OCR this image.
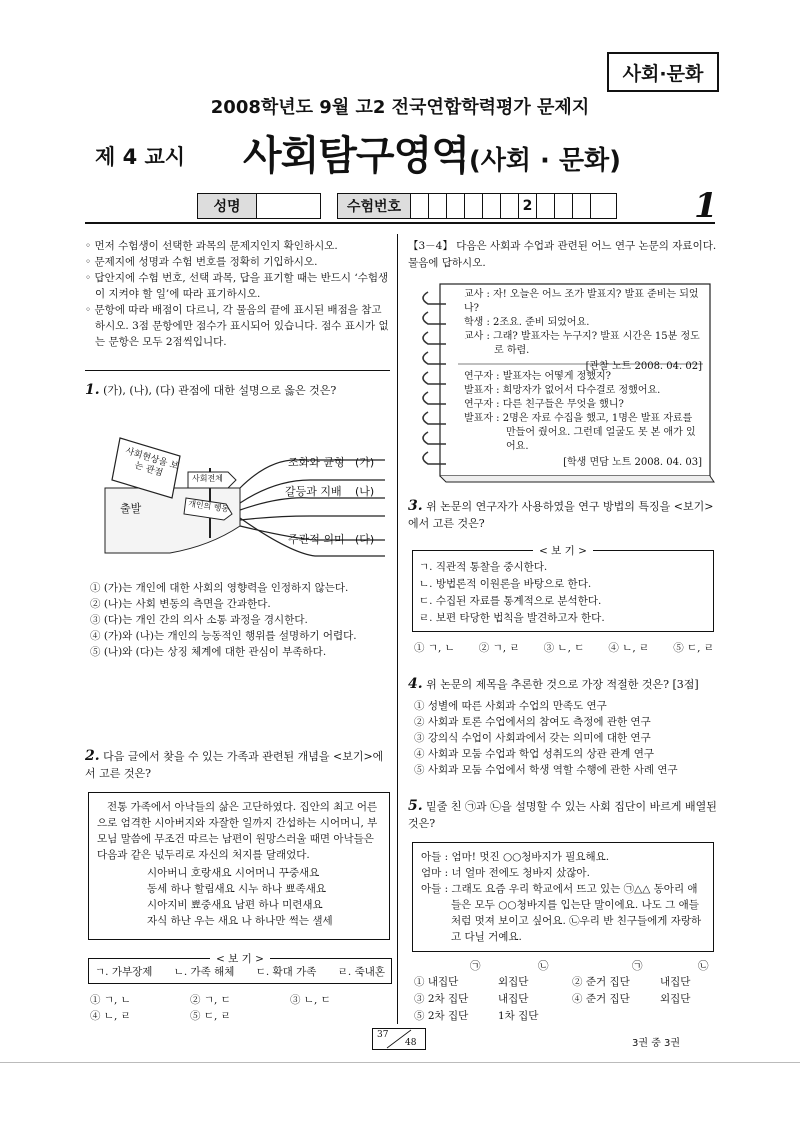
사회·문화
2008학년도 9월 고2 전국연합학력평가 문제지
제 4 교시 사회탐구영역(사회 · 문화)
성명	수험번호	2	1
◦ 먼저 수험생이 선택한 과목의 문제지인지 확인하시오.
◦ 문제지에 성명과 수험 번호를 정확히 기입하시오.
◦ 답안지에 수험 번호, 선택 과목, 답을 표기할 때는 반드시 ‘수험생이 지켜야 할 일’에 따라 표기하시오.
◦ 문항에 따라 배점이 다르니, 각 물음의 끝에 표시된 배점을 참고하시오. 3점 문항에만 점수가 표시되어 있습니다. 점수 표시가 없는 문항은 모두 2점씩입니다.
1. (가), (나), (다) 관점에 대한 설명으로 옳은 것은?
사회현상을 보는 관점
출발
사회전체
개인의 행동
조화와 균형 (가)
갈등과 지배 (나)
주관적 의미 (다)
① (가)는 개인에 대한 사회의 영향력을 인정하지 않는다.
② (나)는 사회 변동의 측면을 간과한다.
③ (다)는 개인 간의 의사 소통 과정을 경시한다.
④ (가)와 (나)는 개인의 능동적인 행위를 설명하기 어렵다.
⑤ (나)와 (다)는 상징 체계에 대한 관심이 부족하다.
2. 다음 글에서 찾을 수 있는 가족과 관련된 개념을 <보기>에서 고른 것은?
전통 가족에서 아낙들의 삶은 고단하였다. 집안의 최고 어른으로 엄격한 시아버지와 자잘한 일까지 간섭하는 시어머니, 부모님 말씀에 무조건 따르는 남편이 원망스러울 때면 아낙들은 다음과 같은 넋두리로 자신의 처지를 달래었다.
시아버니 호랑새요 시어머니 꾸중새요
동세 하나 할림새요 시누 하나 뾰족새요
시아지비 뾰중새요 남편 하나 미련새요
자식 하난 우는 새요 나 하나만 썩는 샐세
< 보 기 >
ㄱ. 가부장제 ㄴ. 가족 해체 ㄷ. 확대 가족 ㄹ. 죽내혼
① ㄱ, ㄴ	② ㄱ, ㄷ	③ ㄴ, ㄷ
④ ㄴ, ㄹ	⑤ ㄷ, ㄹ
【3－4】 다음은 사회과 수업과 관련된 어느 연구 논문의 자료이다. 물음에 답하시오.
교사 : 자! 오늘은 어느 조가 발표지? 발표 준비는 되었나?
학생 : 2조요. 준비 되었어요.
교사 : 그래? 발표자는 누구지? 발표 시간은 15분 정도로 하렴.
[관찰 노트 2008. 04. 02]
연구자 : 발표자는 어떻게 정했지?
발표자 : 희망자가 없어서 다수결로 정했어요.
연구자 : 다른 친구들은 무엇을 했니?
발표자 : 2명은 자료 수집을 했고, 1명은 발표 자료를 만들어 줬어요. 그런데 얼굴도 못 본 애가 있어요.
[학생 면담 노트 2008. 04. 03]
3. 위 논문의 연구자가 사용하였을 연구 방법의 특징을 <보기>에서 고른 것은?
< 보 기 >
ㄱ. 직관적 통찰을 중시한다.
ㄴ. 방법론적 이원론을 바탕으로 한다.
ㄷ. 수집된 자료를 통계적으로 분석한다.
ㄹ. 보편 타당한 법칙을 발견하고자 한다.
① ㄱ, ㄴ ② ㄱ, ㄹ ③ ㄴ, ㄷ ④ ㄴ, ㄹ ⑤ ㄷ, ㄹ
4. 위 논문의 제목을 추론한 것으로 가장 적절한 것은? [3점]
① 성별에 따른 사회과 수업의 만족도 연구
② 사회과 토론 수업에서의 참여도 측정에 관한 연구
③ 강의식 수업이 사회과에서 갖는 의미에 대한 연구
④ 사회과 모둠 수업과 학업 성취도의 상관 관계 연구
⑤ 사회과 모둠 수업에서 학생 역할 수행에 관한 사례 연구
5. 밑줄 친 ㉠과 ㉡을 설명할 수 있는 사회 집단이 바르게 배열된 것은?
아들 : 엄마! 멋진 ○○청바지가 필요해요.
엄마 : 너 얼마 전에도 청바지 샀잖아.
아들 : 그래도 요즘 우리 학교에서 뜨고 있는 ㉠△△ 동아리 애들은 모두 ○○청바지를 입는단 말이에요. 나도 그 애들처럼 멋져 보이고 싶어요. ㉡우리 반 친구들에게 자랑하고 다닐 거예요.
㉠	㉡	㉠	㉡
① 내집단	외집단	② 준거 집단	내집단
③ 2차 집단	내집단	④ 준거 집단	외집단
⑤ 2차 집단	1차 집단
37
48	3권 중 3권
